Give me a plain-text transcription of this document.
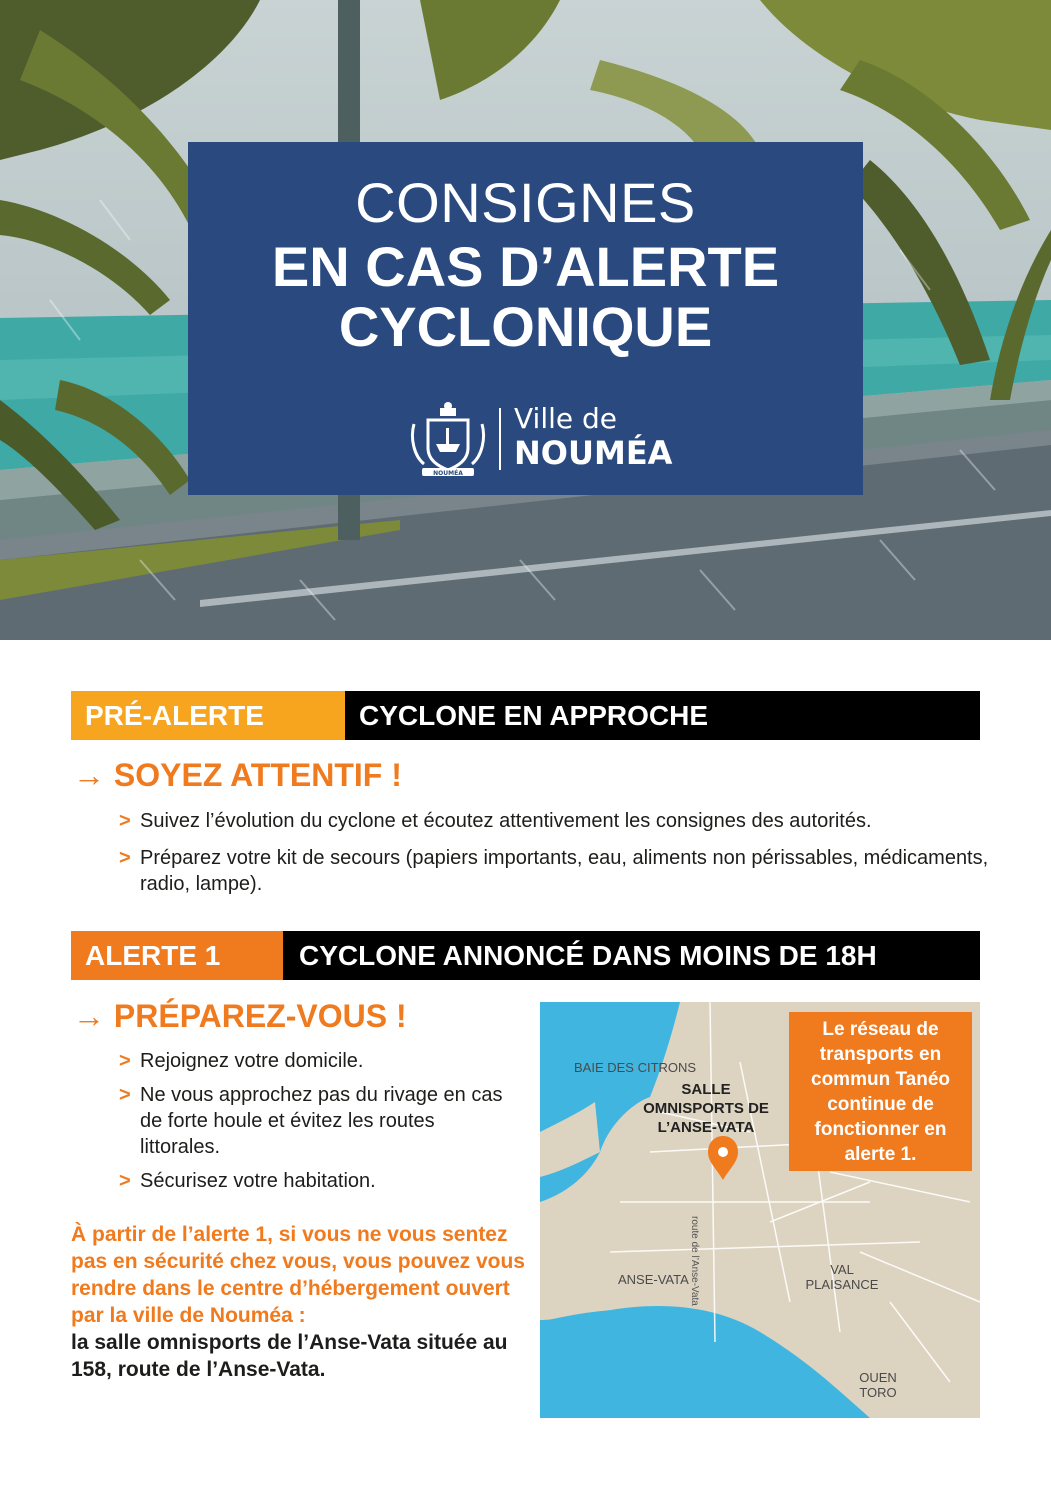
CONSIGNES
EN CAS D’ALERTE
CYCLONIQUE
NOUMÉA
Ville de
NOUMÉA
PRÉ-ALERTE	CYCLONE EN APPROCHE
→ SOYEZ ATTENTIF !
> Suivez l’évolution du cyclone et écoutez attentivement les consignes des autorités.
> Préparez votre kit de secours (papiers importants, eau, aliments non périssables, médicaments, radio, lampe).
ALERTE 1	CYCLONE ANNONCÉ DANS MOINS DE 18H
→ PRÉPAREZ-VOUS !
> Rejoignez votre domicile.
> Ne vous approchez pas du rivage en cas de forte houle et évitez les routes littorales.
> Sécurisez votre habitation.
À partir de l’alerte 1, si vous ne vous sentez pas en sécurité chez vous, vous pouvez vous rendre dans le centre d’hébergement ouvert par la ville de Nouméa :
la salle omnisports de l’Anse-Vata située au 158, route de l’Anse-Vata.
BAIE DES CITRONS
SALLE OMNISPORTS DE L’ANSE-VATA
ANSE-VATA
VAL PLAISANCE
OUEN TORO
route de l’Anse-Vata
Le réseau de transports en commun Tanéo continue de fonctionner en alerte 1.
